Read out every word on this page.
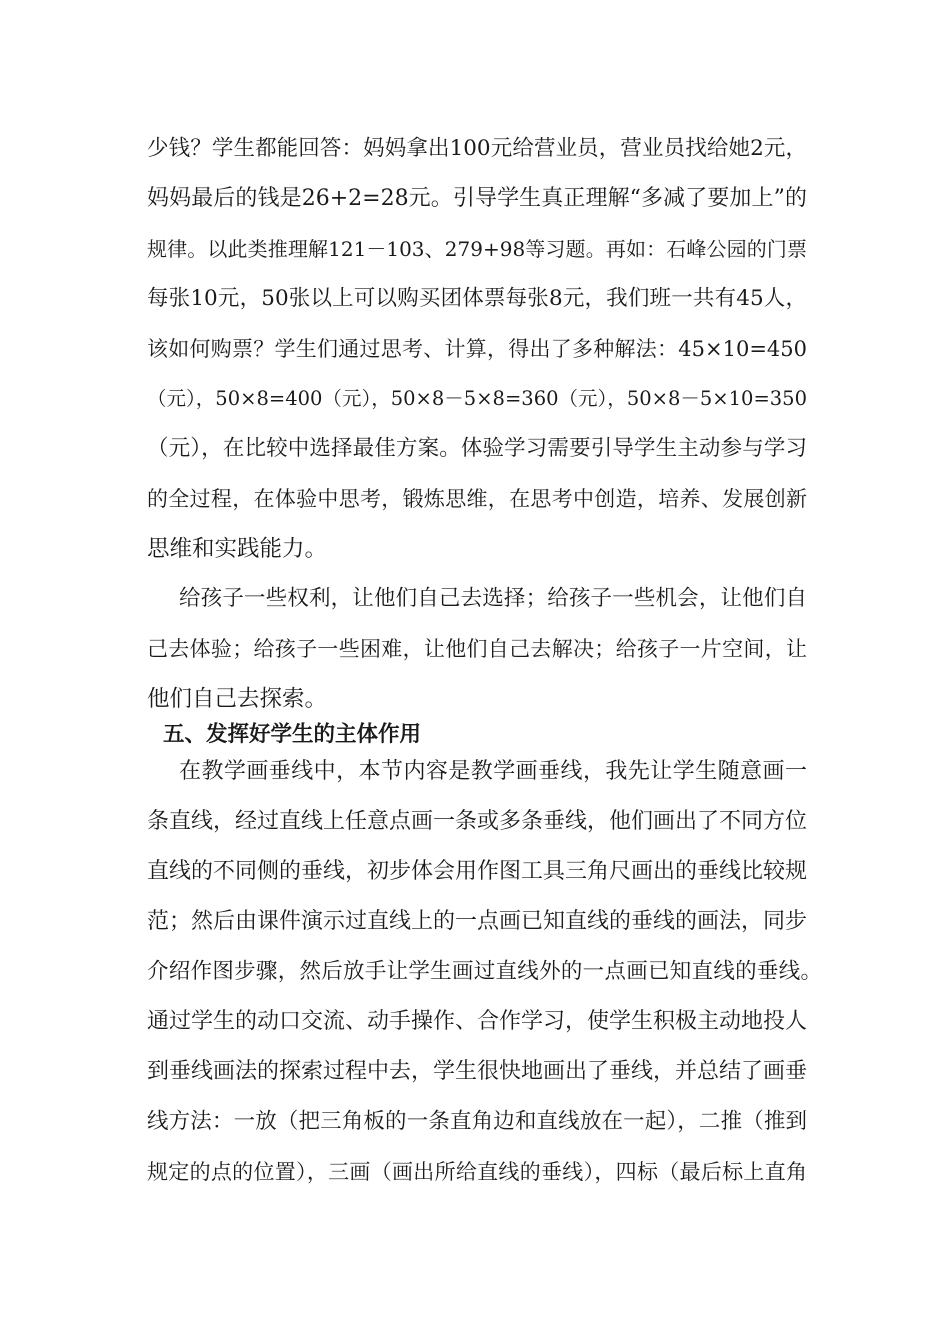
少钱？学生都能回答：妈妈拿出100元给营业员，营业员找给她2元，
妈妈最后的钱是26+2=28元。引导学生真正理解“多减了要加上”的
规律。以此类推理解121－103、279+98等习题。再如：石峰公园的门票
每张10元，50张以上可以购买团体票每张8元，我们班一共有45人，
该如何购票？学生们通过思考、计算，得出了多种解法：45×10=450
（元），50×8=400（元），50×8－5×8=360（元），50×8－5×10=350
（元），在比较中选择最佳方案。体验学习需要引导学生主动参与学习
的全过程，在体验中思考，锻炼思维，在思考中创造，培养、发展创新
思维和实践能力。
给孩子一些权利，让他们自己去选择；给孩子一些机会，让他们自
己去体验；给孩子一些困难，让他们自己去解决；给孩子一片空间，让
他们自己去探索。
五、发挥好学生的主体作用
在教学画垂线中，本节内容是教学画垂线，我先让学生随意画一
条直线，经过直线上任意点画一条或多条垂线，他们画出了不同方位
直线的不同侧的垂线，初步体会用作图工具三角尺画出的垂线比较规
范；然后由课件演示过直线上的一点画已知直线的垂线的画法，同步
介绍作图步骤，然后放手让学生画过直线外的一点画已知直线的垂线。
通过学生的动口交流、动手操作、合作学习，使学生积极主动地投人
到垂线画法的探索过程中去，学生很快地画出了垂线，并总结了画垂
线方法：一放（把三角板的一条直角边和直线放在一起），二推（推到
规定的点的位置），三画（画出所给直线的垂线），四标（最后标上直角
